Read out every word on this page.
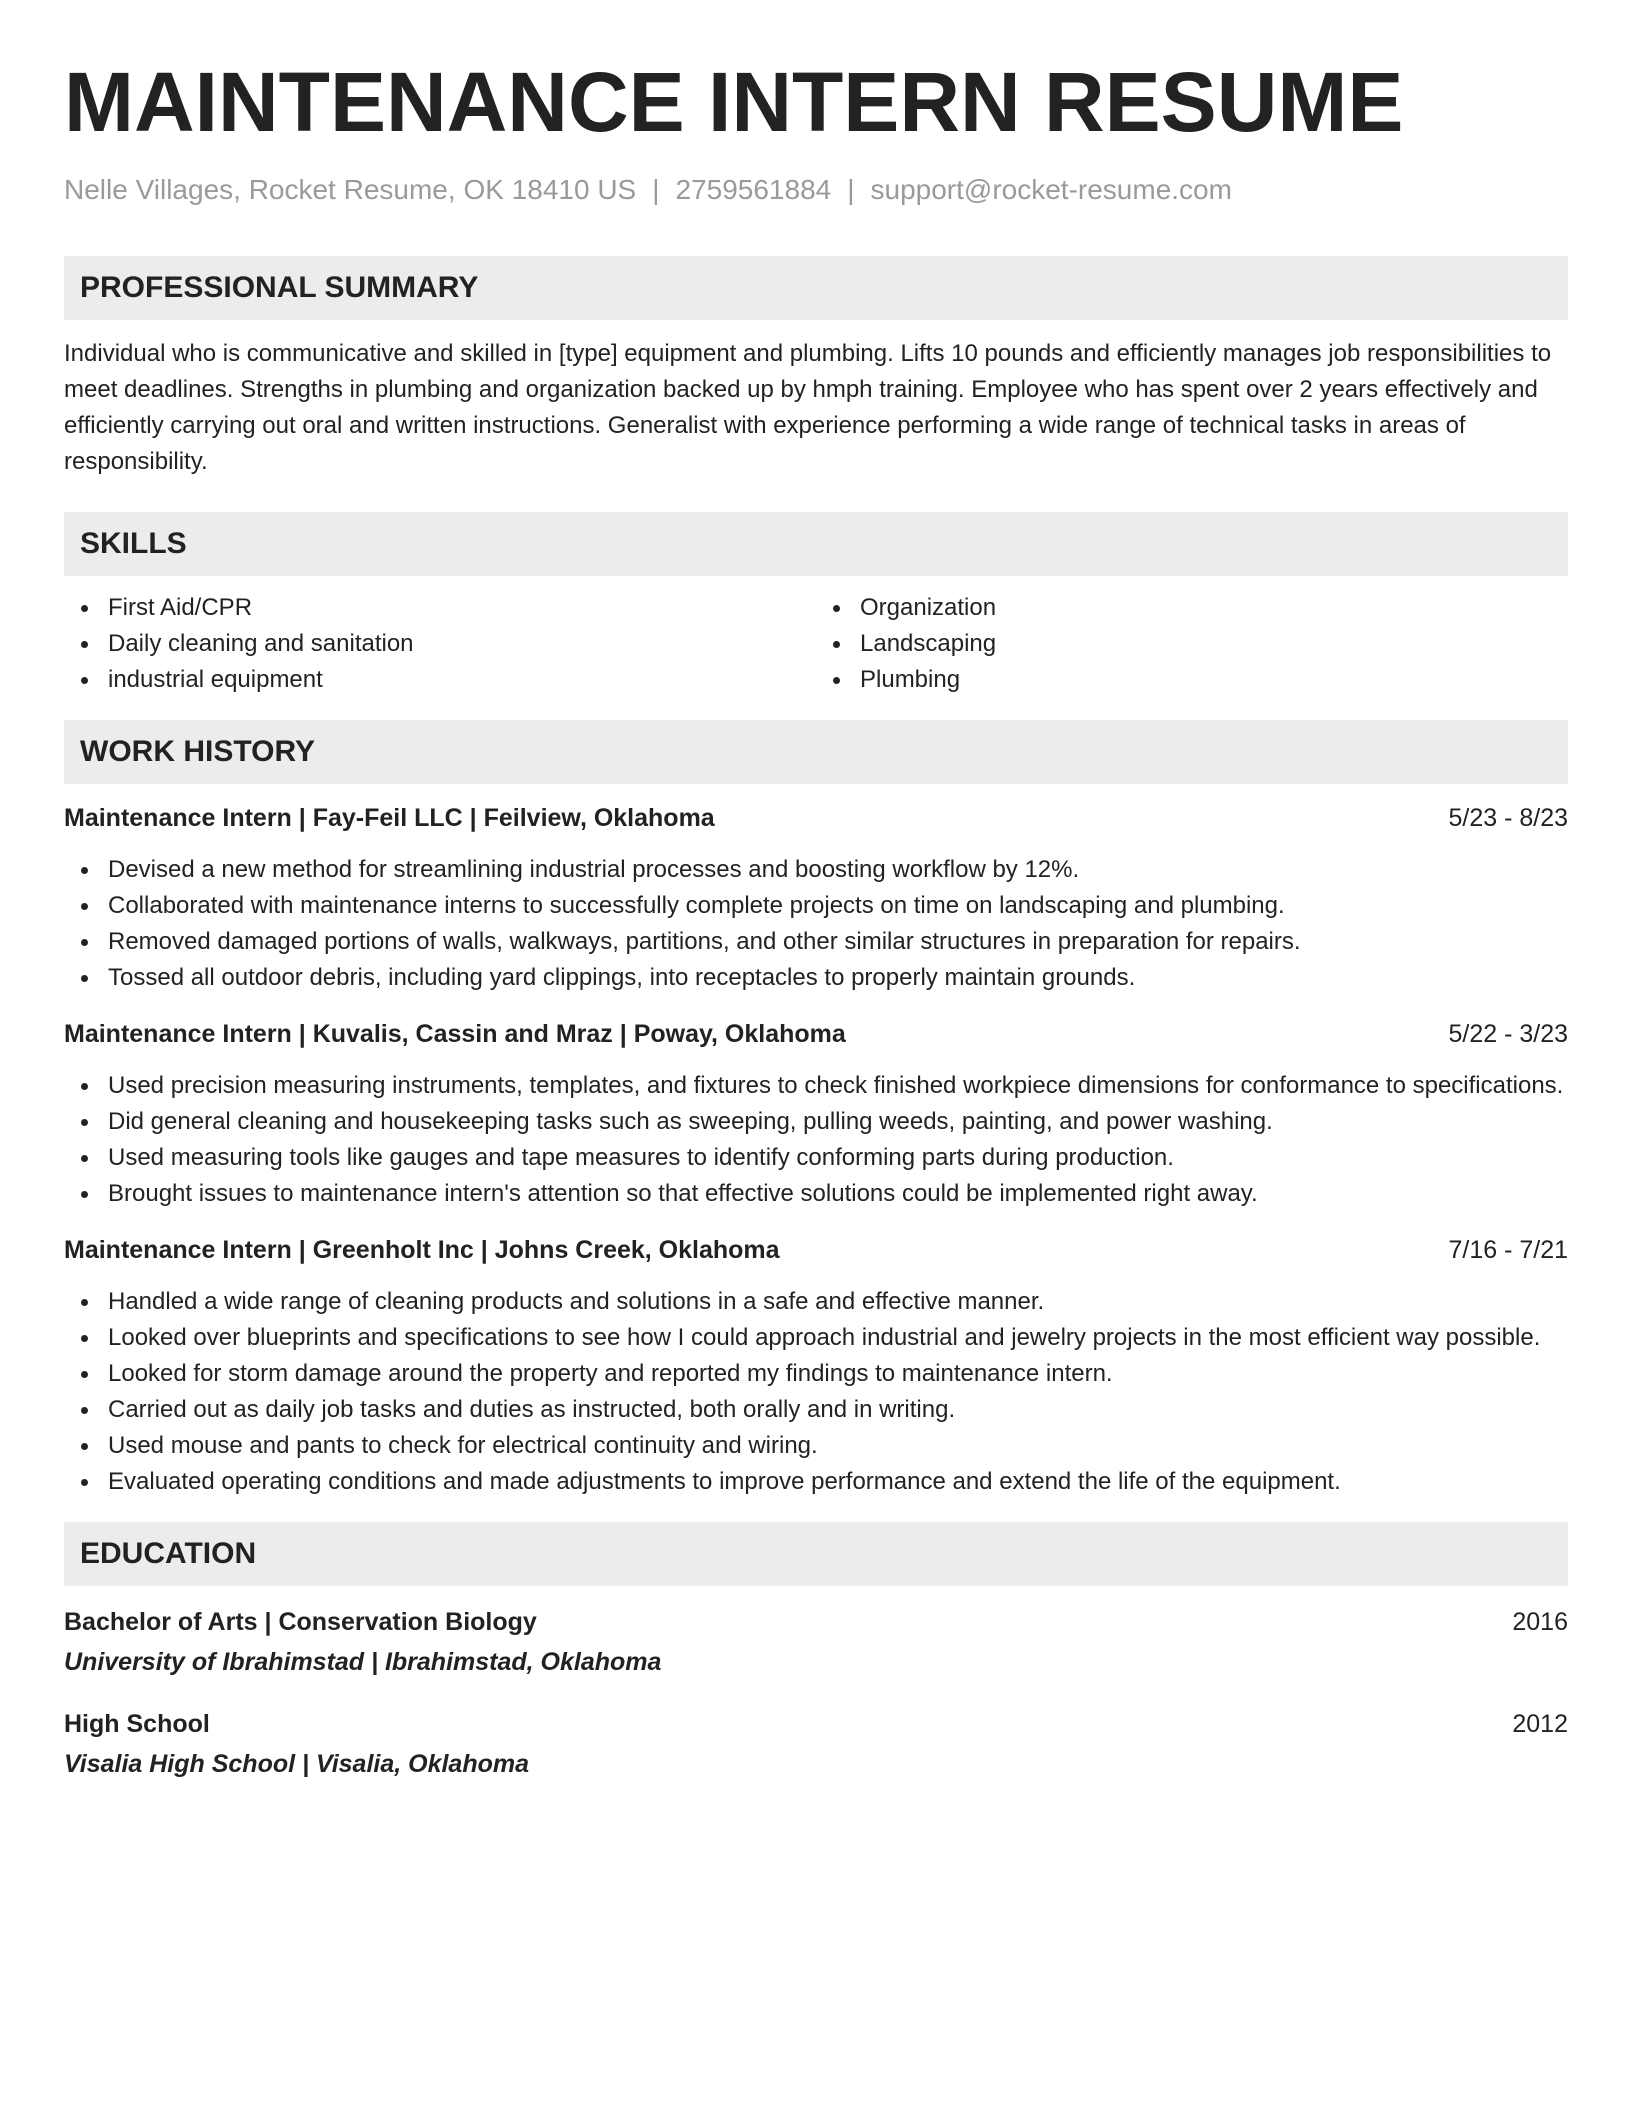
MAINTENANCE INTERN RESUME
Nelle Villages, Rocket Resume, OK 18410 US | 2759561884 | support@rocket-resume.com
PROFESSIONAL SUMMARY
Individual who is communicative and skilled in [type] equipment and plumbing. Lifts 10 pounds and efficiently manages job responsibilities to meet deadlines. Strengths in plumbing and organization backed up by hmph training. Employee who has spent over 2 years effectively and efficiently carrying out oral and written instructions. Generalist with experience performing a wide range of technical tasks in areas of responsibility.
SKILLS
First Aid/CPR
Daily cleaning and sanitation
industrial equipment
Organization
Landscaping
Plumbing
WORK HISTORY
Maintenance Intern | Fay-Feil LLC | Feilview, Oklahoma	5/23 - 8/23
Devised a new method for streamlining industrial processes and boosting workflow by 12%.
Collaborated with maintenance interns to successfully complete projects on time on landscaping and plumbing.
Removed damaged portions of walls, walkways, partitions, and other similar structures in preparation for repairs.
Tossed all outdoor debris, including yard clippings, into receptacles to properly maintain grounds.
Maintenance Intern | Kuvalis, Cassin and Mraz | Poway, Oklahoma	5/22 - 3/23
Used precision measuring instruments, templates, and fixtures to check finished workpiece dimensions for conformance to specifications.
Did general cleaning and housekeeping tasks such as sweeping, pulling weeds, painting, and power washing.
Used measuring tools like gauges and tape measures to identify conforming parts during production.
Brought issues to maintenance intern's attention so that effective solutions could be implemented right away.
Maintenance Intern | Greenholt Inc | Johns Creek, Oklahoma	7/16 - 7/21
Handled a wide range of cleaning products and solutions in a safe and effective manner.
Looked over blueprints and specifications to see how I could approach industrial and jewelry projects in the most efficient way possible.
Looked for storm damage around the property and reported my findings to maintenance intern.
Carried out as daily job tasks and duties as instructed, both orally and in writing.
Used mouse and pants to check for electrical continuity and wiring.
Evaluated operating conditions and made adjustments to improve performance and extend the life of the equipment.
EDUCATION
Bachelor of Arts | Conservation Biology	2016
University of Ibrahimstad | Ibrahimstad, Oklahoma
High School	2012
Visalia High School | Visalia, Oklahoma
